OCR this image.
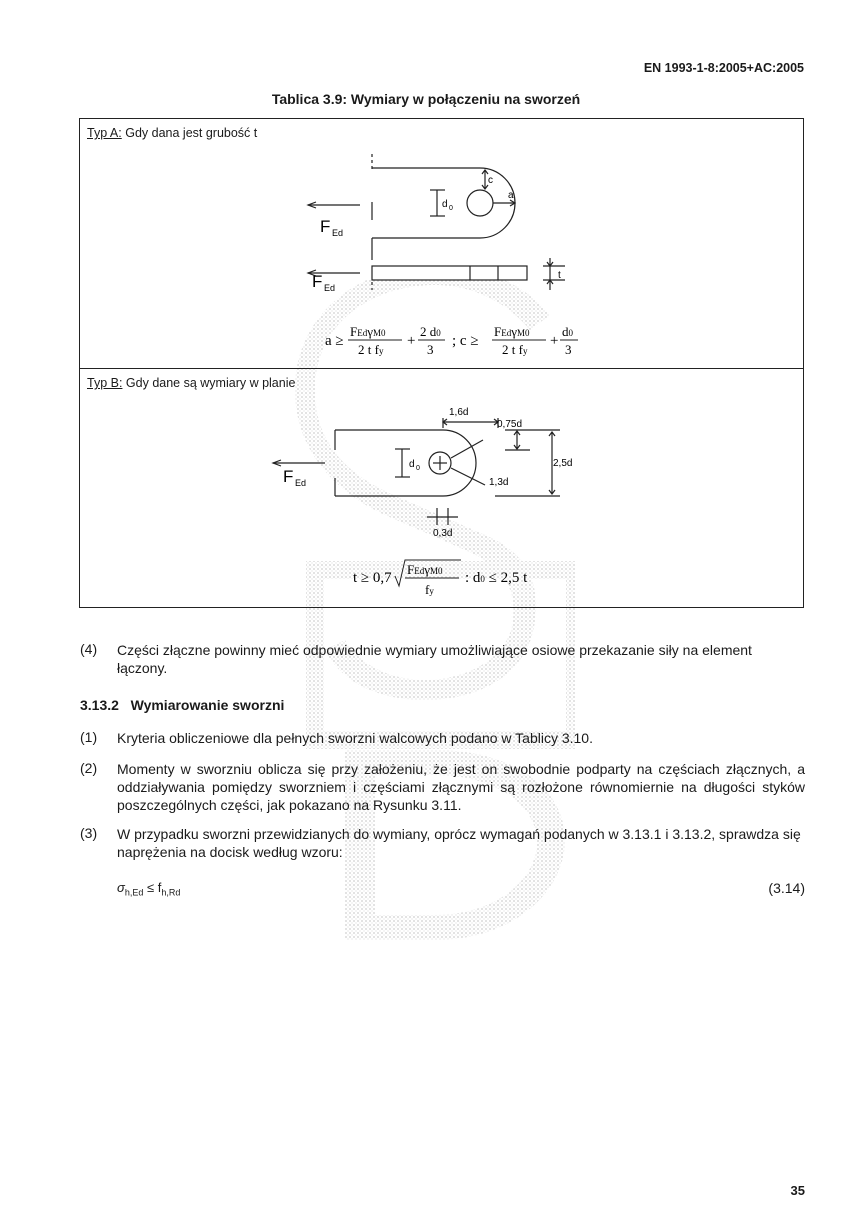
EN 1993-1-8:2005+AC:2005
Tablica 3.9: Wymiary w połączeniu na sworzeń
Typ A: Gdy dana jest grubość t
F Ed
c
a
d 0
t
F Ed
a ≥
FEdγM0
2 t fy
+
2 d0
3
; c ≥
FEdγM0
2 t fy
+
d0
3
Typ B: Gdy dane są wymiary w planie
1,6d
0,75d
2,5d
1,3d
0,3d
d 0
F Ed
t ≥ 0,7
FEdγM0
fy
: d0 ≤ 2,5 t
(4) Części złączne powinny mieć odpowiednie wymiary umożliwiające osiowe przekazanie siły na element łączony.
3.13.2 Wymiarowanie sworzni
(1) Kryteria obliczeniowe dla pełnych sworzni walcowych podano w Tablicy 3.10.
(2) Momenty w sworzniu oblicza się przy założeniu, że jest on swobodnie podparty na częściach złącznych, a oddziaływania pomiędzy sworzniem i częściami złącznymi są rozłożone równomiernie na długości styków poszczególnych części, jak pokazano na Rysunku 3.11.
(3) W przypadku sworzni przewidzianych do wymiany, oprócz wymagań podanych w 3.13.1 i 3.13.2, sprawdza się naprężenia na docisk według wzoru:
$\sigma_{h,Ed} \le f_{h,Rd}$	(3.14)
35
